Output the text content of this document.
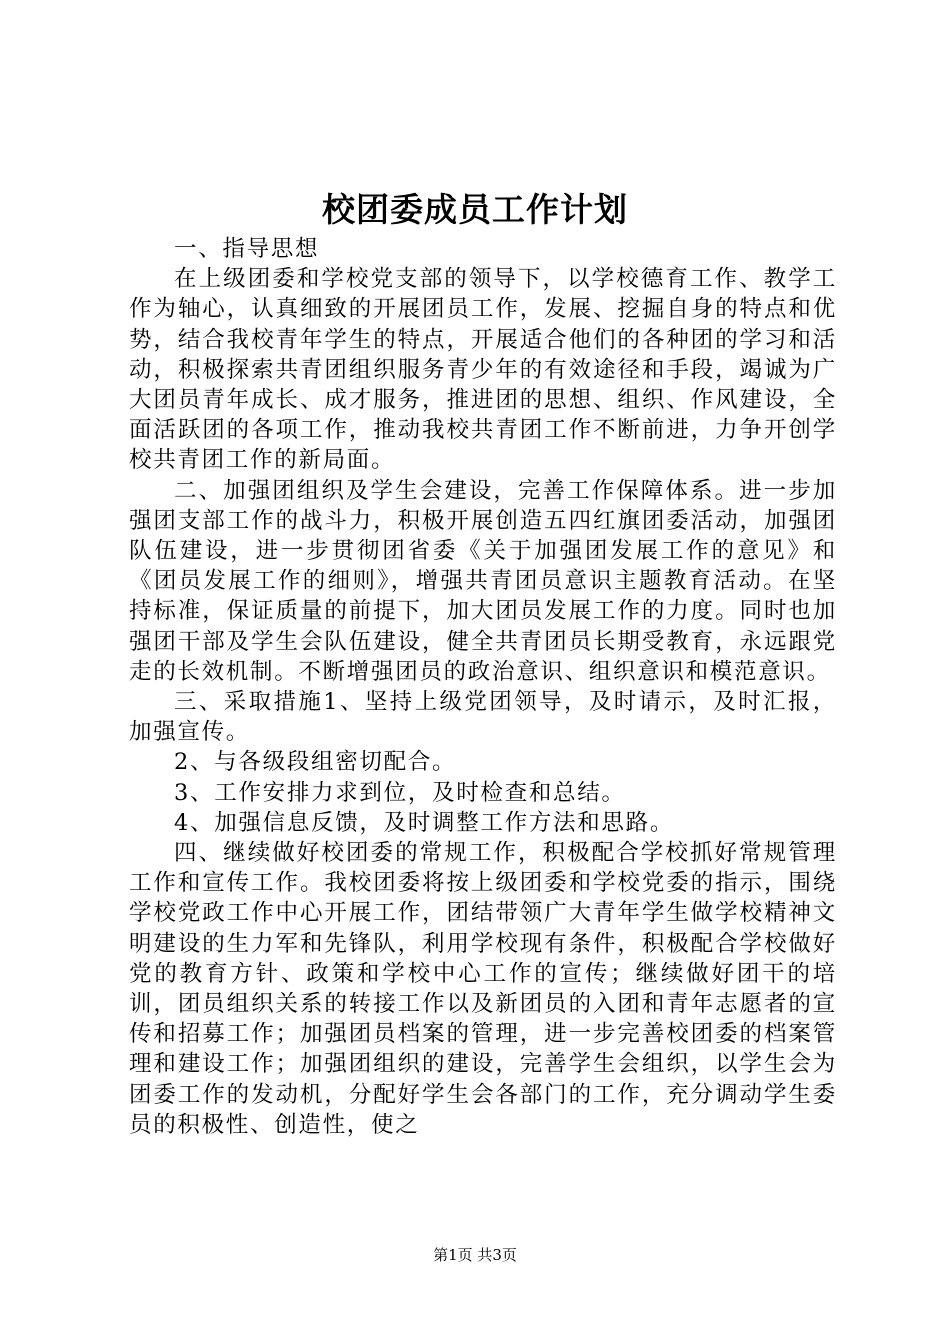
校团委成员工作计划

一、指导思想

在上级团委和学校党支部的领导下，以学校德育工作、教学工作为轴心，认真细致的开展团员工作，发展、挖掘自身的特点和优势，结合我校青年学生的特点，开展适合他们的各种团的学习和活动，积极探索共青团组织服务青少年的有效途径和手段，竭诚为广大团员青年成长、成才服务，推进团的思想、组织、作风建设，全面活跃团的各项工作，推动我校共青团工作不断前进，力争开创学校共青团工作的新局面。

二、加强团组织及学生会建设，完善工作保障体系。进一步加强团支部工作的战斗力，积极开展创造五四红旗团委活动，加强团队伍建设，进一步贯彻团省委《关于加强团发展工作的意见》和《团员发展工作的细则》，增强共青团员意识主题教育活动。在坚持标准，保证质量的前提下，加大团员发展工作的力度。同时也加强团干部及学生会队伍建设，健全共青团员长期受教育，永远跟党走的长效机制。不断增强团员的政治意识、组织意识和模范意识。

三、采取措施1、坚持上级党团领导，及时请示，及时汇报，加强宣传。

2、与各级段组密切配合。

3、工作安排力求到位，及时检查和总结。

4、加强信息反馈，及时调整工作方法和思路。

四、继续做好校团委的常规工作，积极配合学校抓好常规管理工作和宣传工作。我校团委将按上级团委和学校党委的指示，围绕学校党政工作中心开展工作，团结带领广大青年学生做学校精神文明建设的生力军和先锋队，利用学校现有条件，积极配合学校做好党的教育方针、政策和学校中心工作的宣传；继续做好团干的培训，团员组织关系的转接工作以及新团员的入团和青年志愿者的宣传和招募工作；加强团员档案的管理，进一步完善校团委的档案管理和建设工作；加强团组织的建设，完善学生会组织，以学生会为团委工作的发动机，分配好学生会各部门的工作，充分调动学生委员的积极性、创造性，使之

第1页 共3页
